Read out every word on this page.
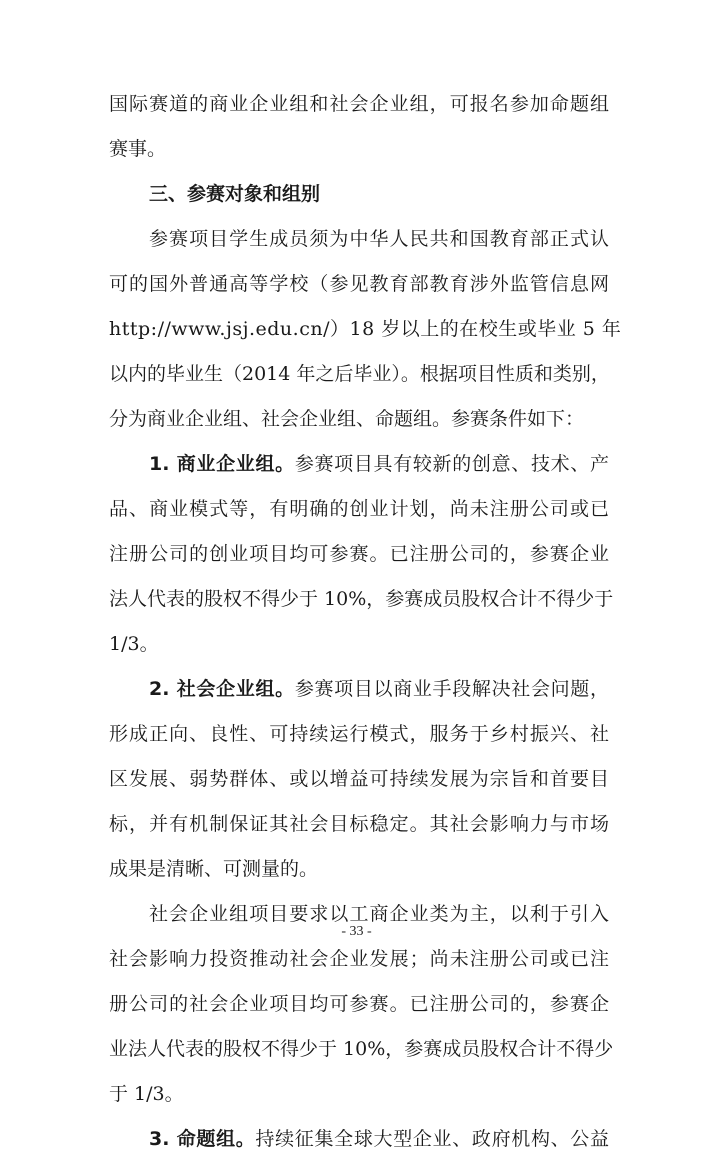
国际赛道的商业企业组和社会企业组，可报名参加命题组
赛事。
三、参赛对象和组别
参赛项目学生成员须为中华人民共和国教育部正式认
可的国外普通高等学校（参见教育部教育涉外监管信息网
http://www.jsj.edu.cn/）18 岁以上的在校生或毕业 5 年
以内的毕业生（2014 年之后毕业）。根据项目性质和类别，
分为商业企业组、社会企业组、命题组。参赛条件如下：
1. 商业企业组。参赛项目具有较新的创意、技术、产
品、商业模式等，有明确的创业计划，尚未注册公司或已
注册公司的创业项目均可参赛。已注册公司的，参赛企业
法人代表的股权不得少于 10%，参赛成员股权合计不得少于
1/3。
2. 社会企业组。参赛项目以商业手段解决社会问题，
形成正向、良性、可持续运行模式，服务于乡村振兴、社
区发展、弱势群体、或以增益可持续发展为宗旨和首要目
标，并有机制保证其社会目标稳定。其社会影响力与市场
成果是清晰、可测量的。
社会企业组项目要求以工商企业类为主，以利于引入
社会影响力投资推动社会企业发展；尚未注册公司或已注
册公司的社会企业项目均可参赛。已注册公司的，参赛企
业法人代表的股权不得少于 10%，参赛成员股权合计不得少
于 1/3。
3. 命题组。持续征集全球大型企业、政府机构、公益
- 33 -
